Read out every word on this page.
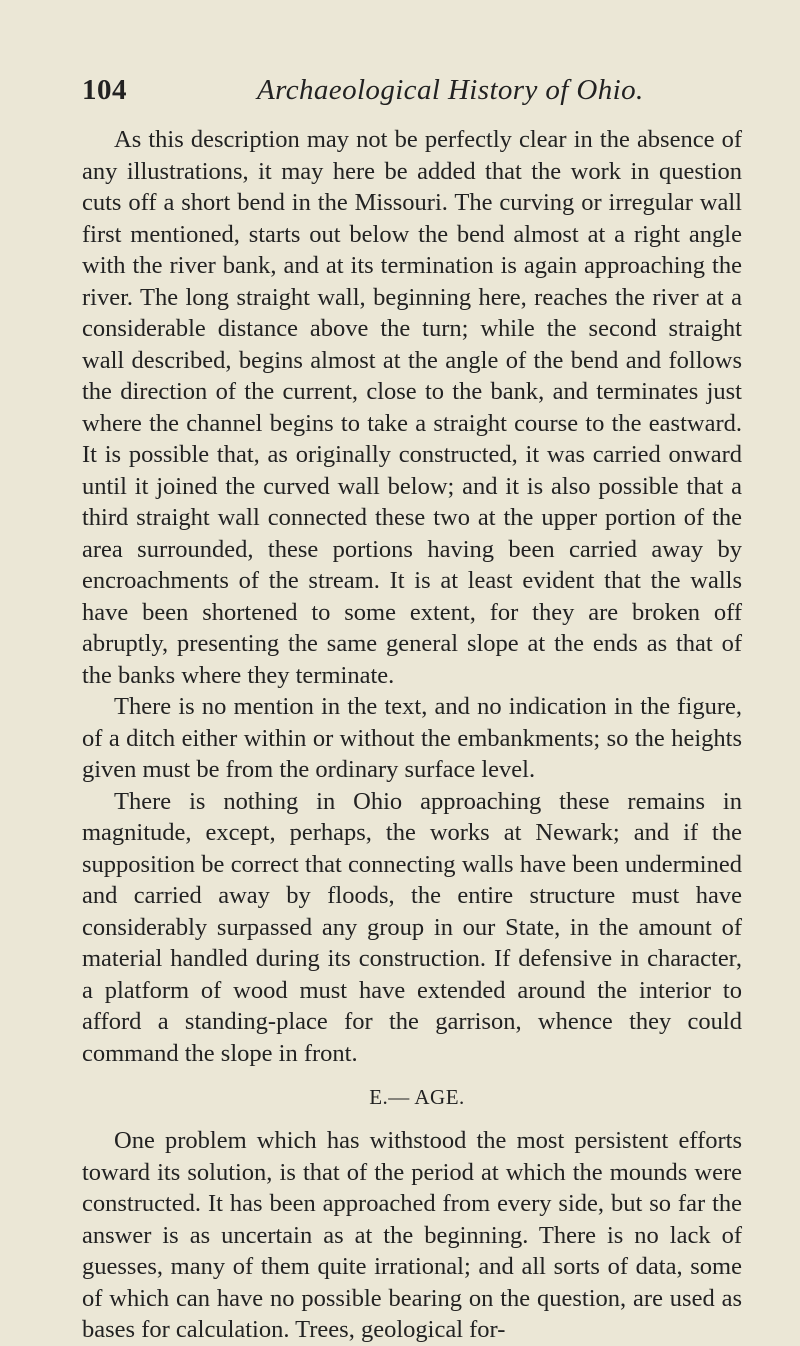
104	Archaeological History of Ohio.

As this description may not be perfectly clear in the absence of any illustrations, it may here be added that the work in question cuts off a short bend in the Missouri. The curving or irregular wall first mentioned, starts out below the bend almost at a right angle with the river bank, and at its termination is again approaching the river. The long straight wall, beginning here, reaches the river at a considerable distance above the turn; while the second straight wall described, begins almost at the angle of the bend and follows the direction of the current, close to the bank, and terminates just where the channel begins to take a straight course to the eastward. It is possible that, as originally constructed, it was carried onward until it joined the curved wall below; and it is also possible that a third straight wall connected these two at the upper portion of the area surrounded, these portions having been carried away by encroachments of the stream. It is at least evident that the walls have been shortened to some extent, for they are broken off abruptly, presenting the same general slope at the ends as that of the banks where they terminate.

There is no mention in the text, and no indication in the figure, of a ditch either within or without the embankments; so the heights given must be from the ordinary surface level.

There is nothing in Ohio approaching these remains in magnitude, except, perhaps, the works at Newark; and if the supposition be correct that connecting walls have been undermined and carried away by floods, the entire structure must have considerably surpassed any group in our State, in the amount of material handled during its construction. If defensive in character, a platform of wood must have extended around the interior to afford a standing-place for the garrison, whence they could command the slope in front.

E.— AGE.

One problem which has withstood the most persistent efforts toward its solution, is that of the period at which the mounds were constructed. It has been approached from every side, but so far the answer is as uncertain as at the beginning. There is no lack of guesses, many of them quite irrational; and all sorts of data, some of which can have no possible bearing on the question, are used as bases for calculation. Trees, geological for-
